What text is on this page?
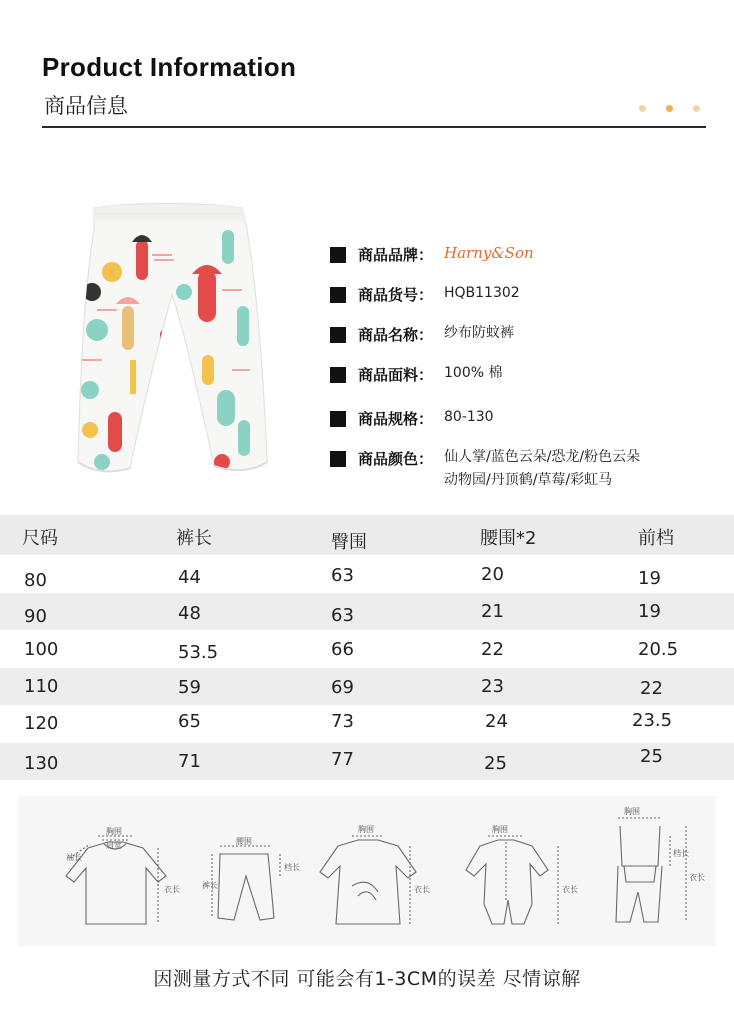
Product Information
商品信息
商品品牌： Harny&Son
商品货号： HQB11302
商品名称： 纱布防蚊裤
商品面料： 100% 棉
商品规格： 80-130
商品颜色： 仙人掌/蓝色云朵/恐龙/粉色云朵
动物园/丹顶鹤/草莓/彩虹马
尺码	裤长	臀围	腰围*2	前档
80	44	63	20	19
90	48	63	21	19
100	53.5	66	22	20.5
110	59	69	23	22
120	65	73	24	23.5
130	71	77	25	25
胸围
肩宽
袖长
衣长
腰围
裤长
档长
胸围
衣长
胸围
衣长
胸围
档长
衣长
因测量方式不同 可能会有1-3CM的误差 尽情谅解
